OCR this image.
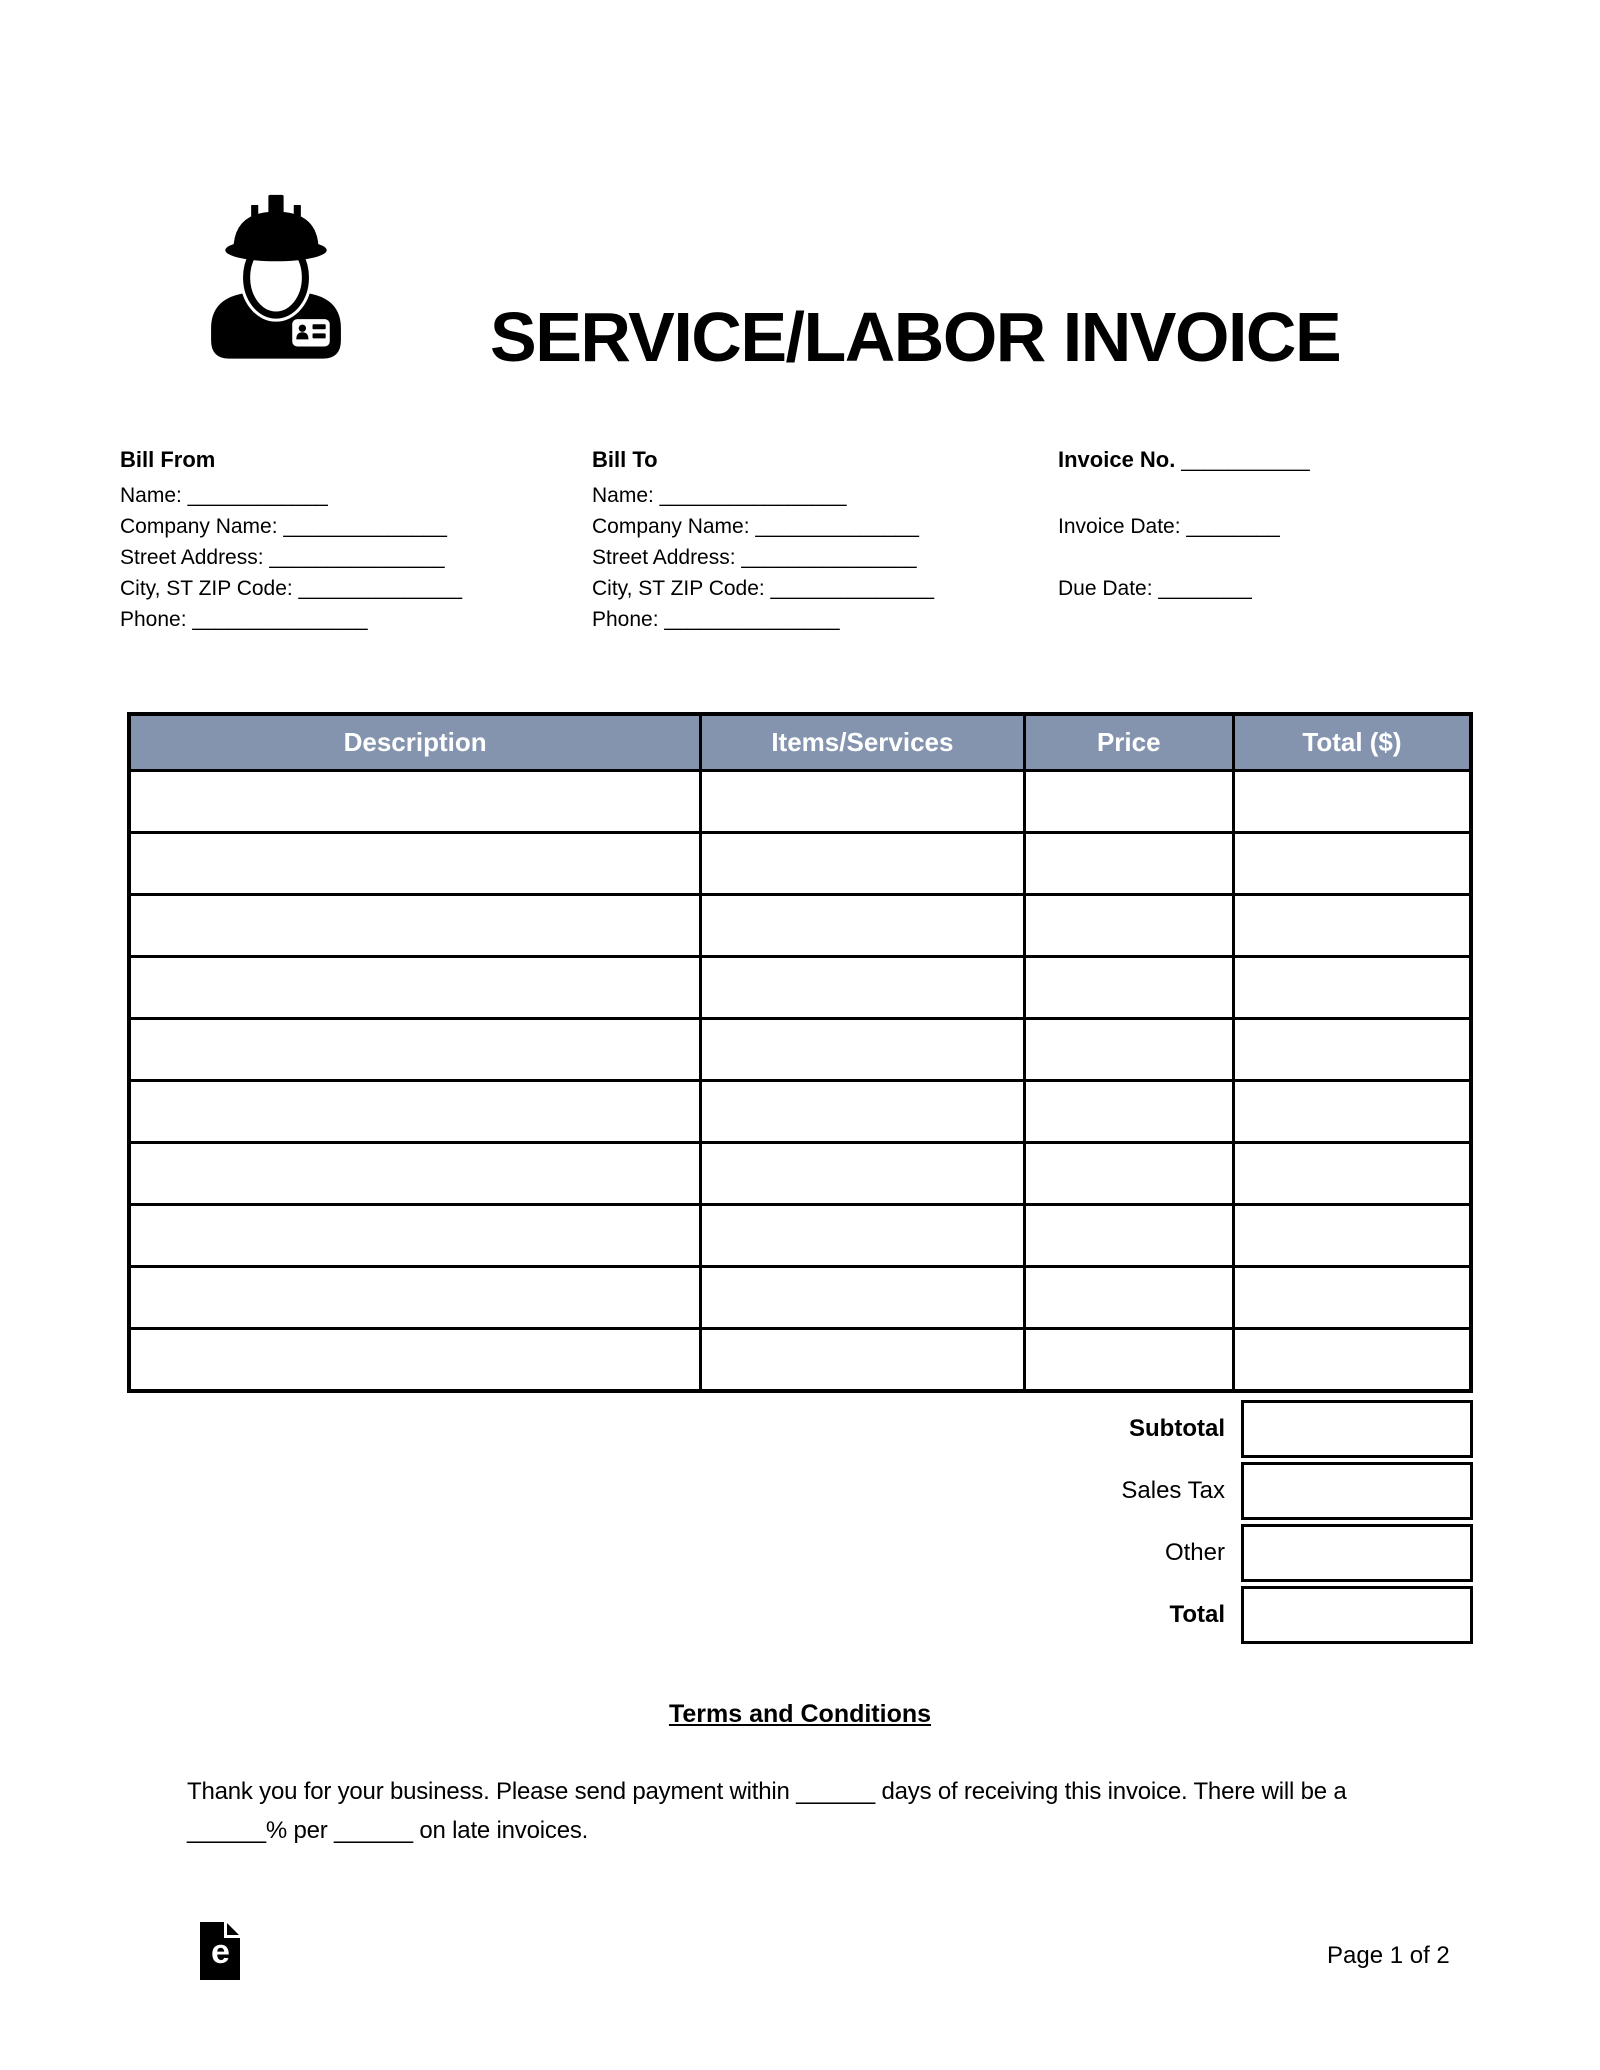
SERVICE/LABOR INVOICE
Bill From
Name: ____________
Company Name: ______________
Street Address: _______________
City, ST ZIP Code: ______________
Phone: _______________
Bill To
Name: ________________
Company Name: ______________
Street Address: _______________
City, ST ZIP Code: ______________
Phone: _______________
Invoice No. ___________
Invoice Date: ________
Due Date: ________
Description	Items/Services	Price	Total ($)

Subtotal
Sales Tax
Other
Total
Terms and Conditions
Thank you for your business. Please send payment within ______ days of receiving this invoice. There will be a ______% per ______ on late invoices.
e	Page 1 of 2
